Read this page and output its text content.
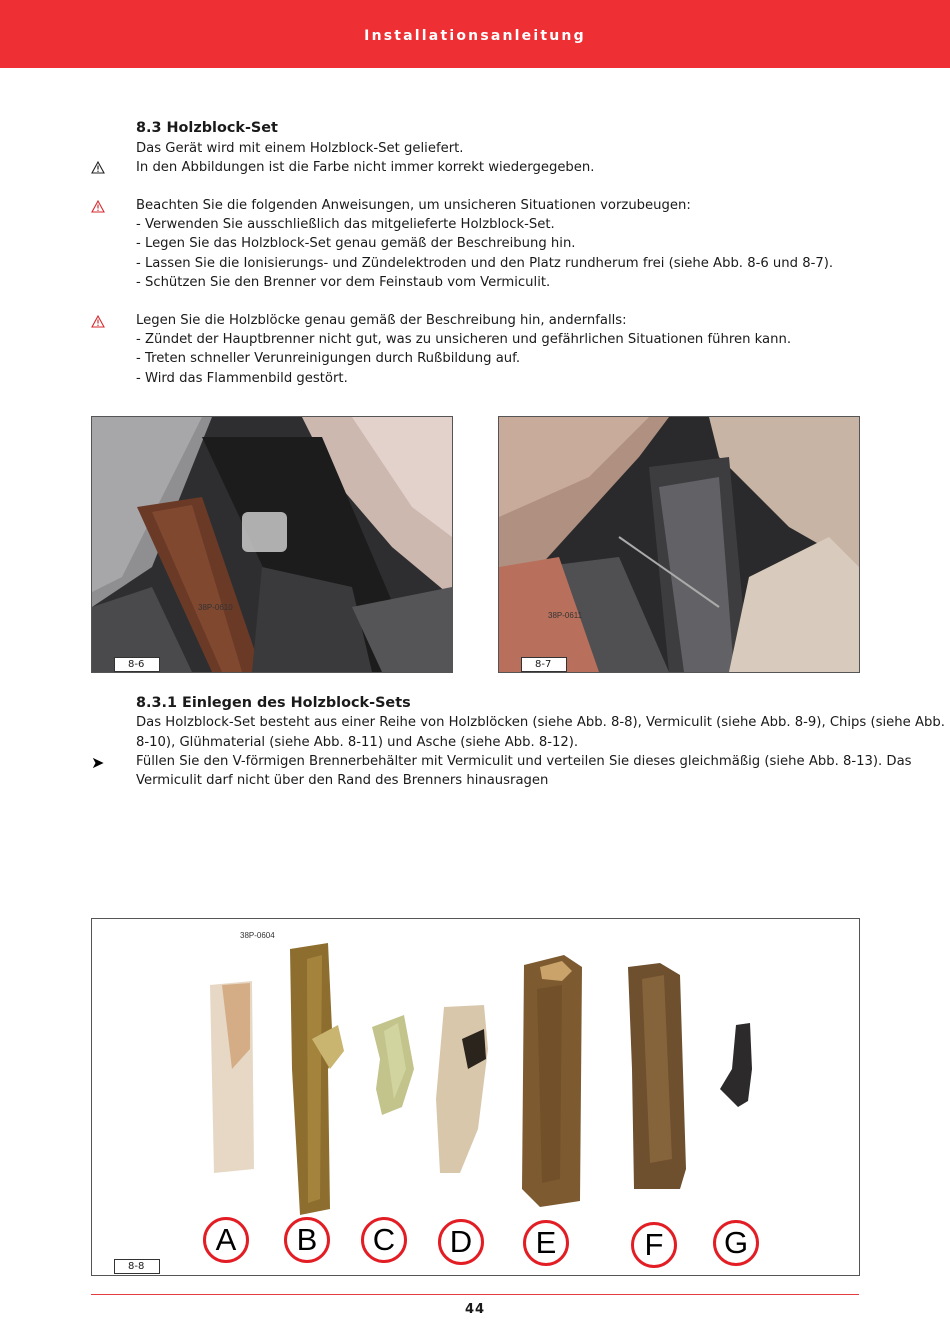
Installationsanleitung
8.3 Holzblock-Set
Das Gerät wird mit einem Holzblock-Set geliefert.
In den Abbildungen ist die Farbe nicht immer korrekt wiedergegeben.
Beachten Sie die folgenden Anweisungen, um unsicheren Situationen vorzubeugen:
- Verwenden Sie ausschließlich das mitgelieferte Holzblock-Set.
- Legen Sie das Holzblock-Set genau gemäß der Beschreibung hin.
- Lassen Sie die Ionisierungs- und Zündelektroden und den Platz rundherum frei (siehe Abb. 8-6 und 8-7).
- Schützen Sie den Brenner vor dem Feinstaub vom Vermiculit.
Legen Sie die Holzblöcke genau gemäß der Beschreibung hin, andernfalls:
- Zündet der Hauptbrenner nicht gut, was zu unsicheren und gefährlichen Situationen führen kann.
- Treten schneller Verunreinigungen durch Rußbildung auf.
- Wird das Flammenbild gestört.
38P-0610
8-6
38P-0611
8-7
8.3.1 Einlegen des Holzblock-Sets
Das Holzblock-Set besteht aus einer Reihe von Holzblöcken (siehe Abb. 8-8), Vermiculit (siehe Abb. 8-9), Chips (siehe Abb.
8-10), Glühmaterial (siehe Abb. 8-11) und Asche (siehe Abb. 8-12).
➤ Füllen Sie den V-förmigen Brennerbehälter mit Vermiculit und verteilen Sie dieses gleichmäßig (siehe Abb. 8-13). Das
Vermiculit darf nicht über den Rand des Brenners hinausragen
38P-0604
A	B	C	D	E	F	G
8-8
44
